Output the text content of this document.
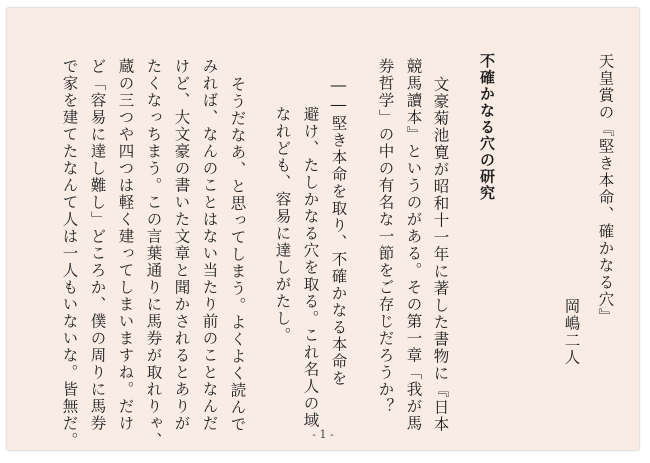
天皇賞の『堅き本命、確かなる穴』
岡嶋二人
不確かなる穴の研究
文豪菊池寛が昭和十一年に著した書物に『日本
競馬讀本』というのがある。その第一章「我が馬
券哲学」の中の有名な一節をご存じだろうか？
――堅き本命を取り、不確かなる本命を
避け、たしかなる穴を取る。これ名人の域
なれども、容易に達しがたし。
そうだなあ、と思ってしまう。よくよく読んで
みれば、なんのことはない当たり前のことなんだ
けど、大文豪の書いた文章と聞かされるとありが
たくなっちまう。この言葉通りに馬券が取れりゃ、
蔵の三つや四つは軽く建ってしまいますね。だけ
ど「容易に達し難し」どころか、僕の周りに馬券
で家を建てたなんて人は一人もいないな。皆無だ。	- 1 -
